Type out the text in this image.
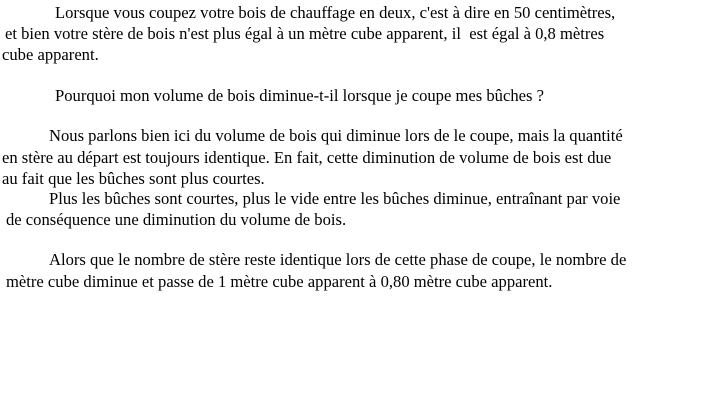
Lorsque vous coupez votre bois de chauffage en deux, c'est à dire en 50 centimètres,

et bien votre stère de bois n'est plus égal à un mètre cube apparent, il  est égal à 0,8 mètres

cube apparent.

Pourquoi mon volume de bois diminue-t-il lorsque je coupe mes bûches ?

Nous parlons bien ici du volume de bois qui diminue lors de le coupe, mais la quantité

en stère au départ est toujours identique. En fait, cette diminution de volume de bois est due

au fait que les bûches sont plus courtes.

Plus les bûches sont courtes, plus le vide entre les bûches diminue, entraînant par voie

de conséquence une diminution du volume de bois.

Alors que le nombre de stère reste identique lors de cette phase de coupe, le nombre de

mètre cube diminue et passe de 1 mètre cube apparent à 0,80 mètre cube apparent.
